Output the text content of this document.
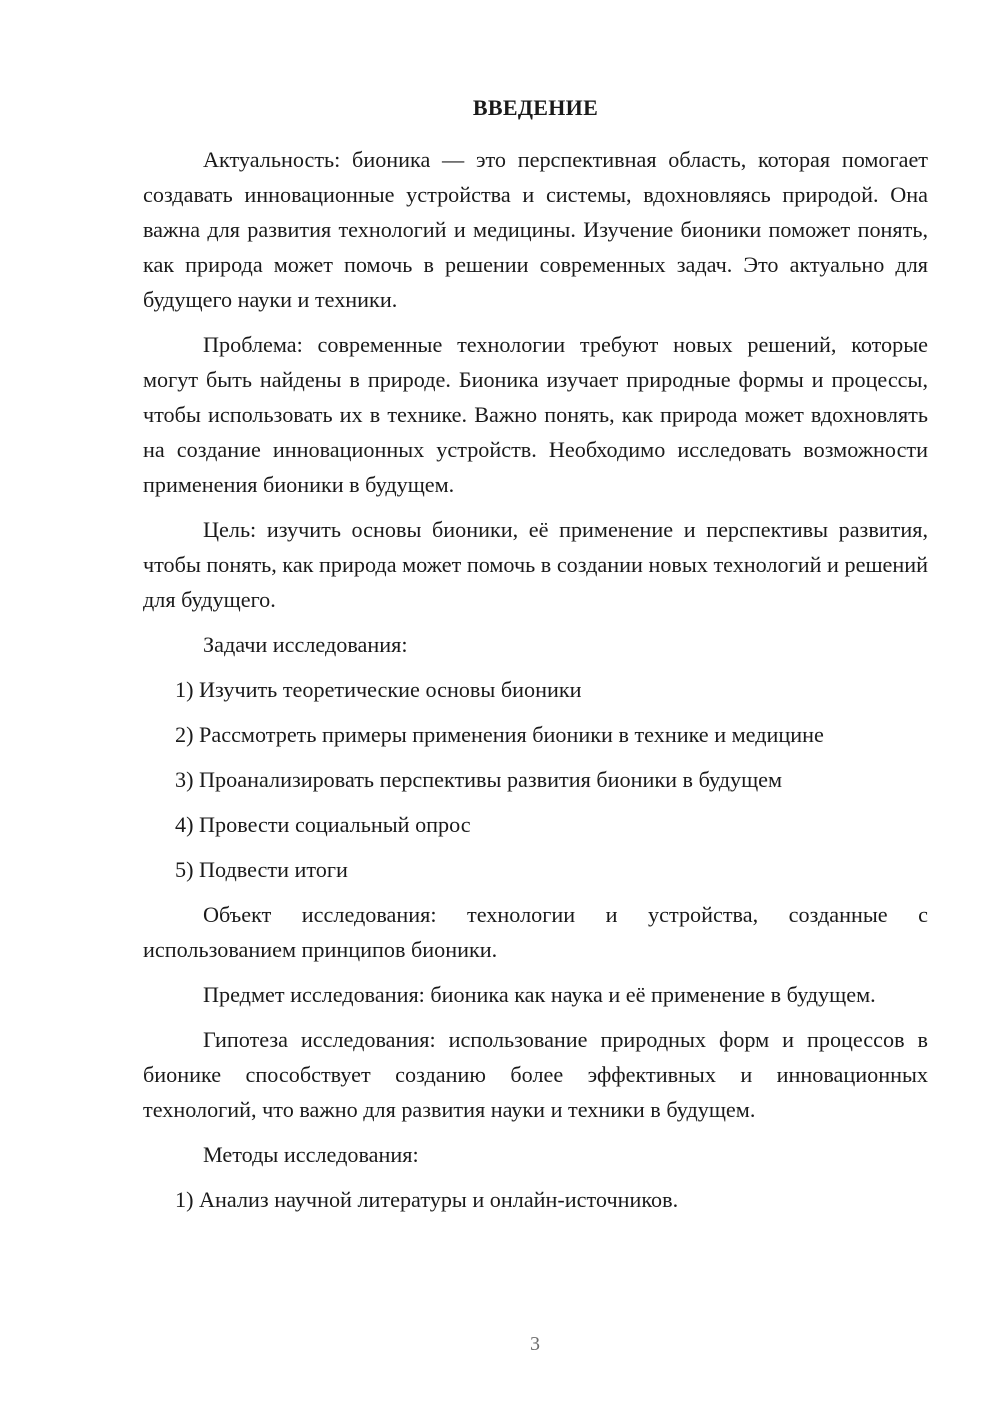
ВВЕДЕНИЕ

Актуальность: бионика — это перспективная область, которая помогает создавать инновационные устройства и системы, вдохновляясь природой. Она важна для развития технологий и медицины. Изучение бионики поможет понять, как природа может помочь в решении современных задач. Это актуально для будущего науки и техники.

Проблема: современные технологии требуют новых решений, которые могут быть найдены в природе. Бионика изучает природные формы и процессы, чтобы использовать их в технике. Важно понять, как природа может вдохновлять на создание инновационных устройств. Необходимо исследовать возможности применения бионики в будущем.

Цель: изучить основы бионики, её применение и перспективы развития, чтобы понять, как природа может помочь в создании новых технологий и решений для будущего.

Задачи исследования:

1) Изучить теоретические основы бионики

2) Рассмотреть примеры применения бионики в технике и медицине

3) Проанализировать перспективы развития бионики в будущем

4) Провести социальный опрос

5) Подвести итоги

Объект исследования: технологии и устройства, созданные с использованием принципов бионики.

Предмет исследования: бионика как наука и её применение в будущем.

Гипотеза исследования: использование природных форм и процессов в бионике способствует созданию более эффективных и инновационных технологий, что важно для развития науки и техники в будущем.

Методы исследования:

1) Анализ научной литературы и онлайн-источников.

3
